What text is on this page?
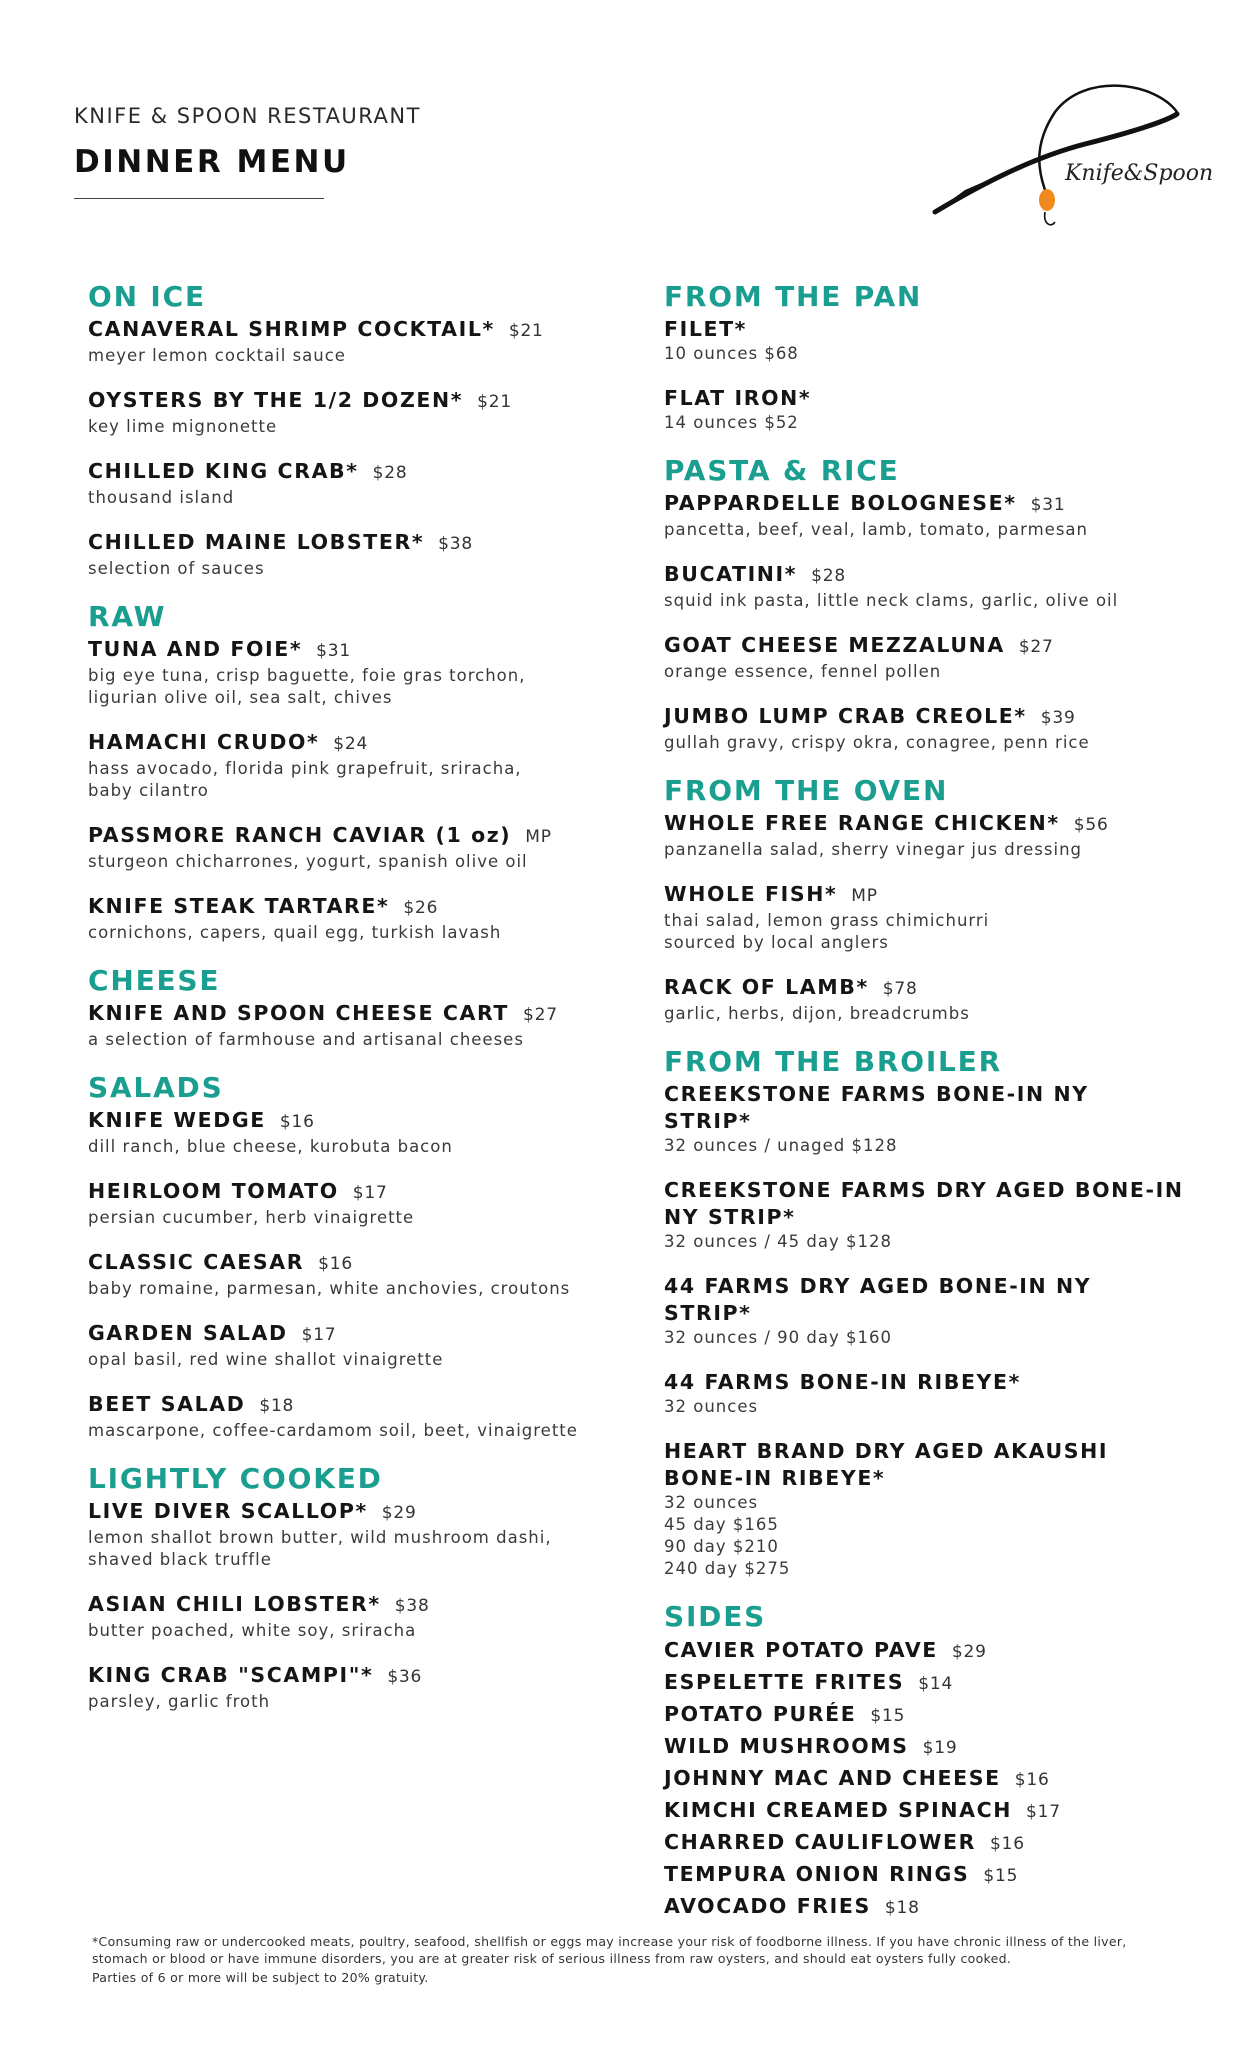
KNIFE & SPOON RESTAURANT
DINNER MENU	Knife&Spoon
ON ICE
CANAVERAL SHRIMP COCKTAIL* $21
meyer lemon cocktail sauce
OYSTERS BY THE 1/2 DOZEN* $21
key lime mignonette
CHILLED KING CRAB* $28
thousand island
CHILLED MAINE LOBSTER* $38
selection of sauces
RAW
TUNA AND FOIE* $31
big eye tuna, crisp baguette, foie gras torchon,
ligurian olive oil, sea salt, chives
HAMACHI CRUDO* $24
hass avocado, florida pink grapefruit, sriracha,
baby cilantro
PASSMORE RANCH CAVIAR (1 oz) MP
sturgeon chicharrones, yogurt, spanish olive oil
KNIFE STEAK TARTARE* $26
cornichons, capers, quail egg, turkish lavash
CHEESE
KNIFE AND SPOON CHEESE CART $27
a selection of farmhouse and artisanal cheeses
SALADS
KNIFE WEDGE $16
dill ranch, blue cheese, kurobuta bacon
HEIRLOOM TOMATO $17
persian cucumber, herb vinaigrette
CLASSIC CAESAR $16
baby romaine, parmesan, white anchovies, croutons
GARDEN SALAD $17
opal basil, red wine shallot vinaigrette
BEET SALAD $18
mascarpone, coffee-cardamom soil, beet, vinaigrette
LIGHTLY COOKED
LIVE DIVER SCALLOP* $29
lemon shallot brown butter, wild mushroom dashi,
shaved black truffle
ASIAN CHILI LOBSTER* $38
butter poached, white soy, sriracha
KING CRAB "SCAMPI"* $36
parsley, garlic froth
FROM THE PAN
FILET*
10 ounces $68
FLAT IRON*
14 ounces $52
PASTA & RICE
PAPPARDELLE BOLOGNESE* $31
pancetta, beef, veal, lamb, tomato, parmesan
BUCATINI* $28
squid ink pasta, little neck clams, garlic, olive oil
GOAT CHEESE MEZZALUNA $27
orange essence, fennel pollen
JUMBO LUMP CRAB CREOLE* $39
gullah gravy, crispy okra, conagree, penn rice
FROM THE OVEN
WHOLE FREE RANGE CHICKEN* $56
panzanella salad, sherry vinegar jus dressing
WHOLE FISH* MP
thai salad, lemon grass chimichurri
sourced by local anglers
RACK OF LAMB* $78
garlic, herbs, dijon, breadcrumbs
FROM THE BROILER
CREEKSTONE FARMS BONE-IN NY STRIP*
32 ounces / unaged $128
CREEKSTONE FARMS DRY AGED BONE-IN NY STRIP*
32 ounces / 45 day $128
44 FARMS DRY AGED BONE-IN NY STRIP*
32 ounces / 90 day $160
44 FARMS BONE-IN RIBEYE*
32 ounces
HEART BRAND DRY AGED AKAUSHI BONE-IN RIBEYE*
32 ounces
45 day $165
90 day $210
240 day $275
SIDES
CAVIER POTATO PAVE $29
ESPELETTE FRITES $14
POTATO PURÉE $15
WILD MUSHROOMS $19
JOHNNY MAC AND CHEESE $16
KIMCHI CREAMED SPINACH $17
CHARRED CAULIFLOWER $16
TEMPURA ONION RINGS $15
AVOCADO FRIES $18

*Consuming raw or undercooked meats, poultry, seafood, shellfish or eggs may increase your risk of foodborne illness. If you have chronic illness of the liver,

stomach or blood or have immune disorders, you are at greater risk of serious illness from raw oysters, and should eat oysters fully cooked.

Parties of 6 or more will be subject to 20% gratuity.
